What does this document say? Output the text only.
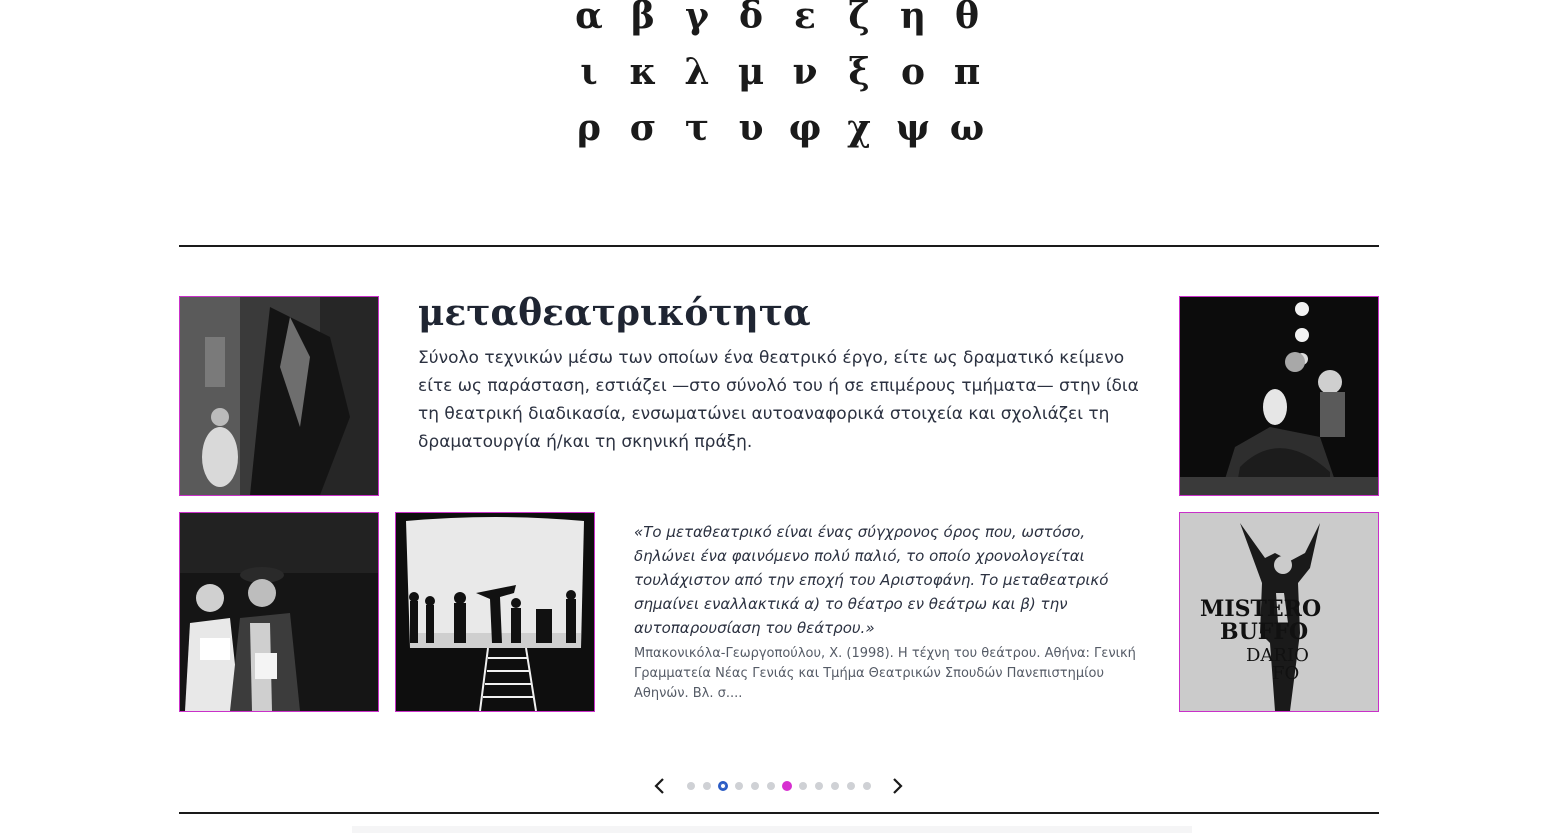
α β γ δ ε ζ η θ
ι κ λ μ ν ξ ο π
ρ σ τ υ φ χ ψ ω
μεταθεατρικότητα

Σύνολο τεχνικών μέσω των οποίων ένα θεατρικό έργο, είτε ως δραματικό κείμενο είτε ως παράσταση, εστιάζει —στο σύνολό του ή σε επιμέρους τμήματα— στην ίδια τη θεατρική διαδικασία, ενσωματώνει αυτοαναφορικά στοιχεία και σχολιάζει τη δραματουργία ή/και τη σκηνική πράξη.

«Το μεταθεατρικό είναι ένας σύγχρονος όρος που, ωστόσο, δηλώνει ένα φαινόμενο πολύ παλιό, το οποίο χρονολογείται τουλάχιστον από την εποχή του Αριστοφάνη. Το μεταθεατρικό σημαίνει εναλλακτικά α) το θέατρο εν θεάτρω και β) την αυτοπαρουσίαση του θεάτρου.»

Μπακονικόλα-Γεωργοπούλου, Χ. (1998). Η τέχνη του θεάτρου. Αθήνα: Γενική Γραμματεία Νέας Γενιάς και Τμήμα Θεατρικών Σπουδών Πανεπιστημίου Αθηνών. Βλ. σ....

MISTERO
BUFFO
DARIO
FO
